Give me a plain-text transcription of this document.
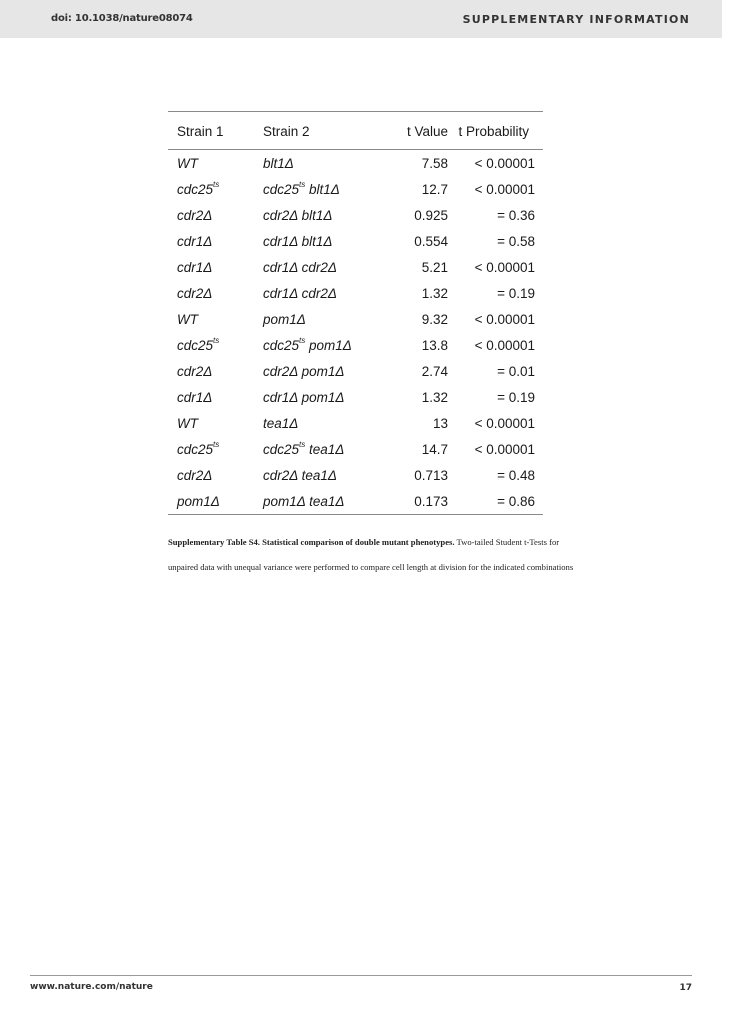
doi: 10.1038/nature08074	SUPPLEMENTARY INFORMATION
Strain 1	Strain 2	t Value	t Probability
WT	blt1Δ	7.58	< 0.00001
$cdc25^{ts}$	$cdc25^{ts}$ blt1Δ	12.7	< 0.00001
cdr2Δ	cdr2Δ blt1Δ	0.925	= 0.36
cdr1Δ	cdr1Δ blt1Δ	0.554	= 0.58
cdr1Δ	cdr1Δ cdr2Δ	5.21	< 0.00001
cdr2Δ	cdr1Δ cdr2Δ	1.32	= 0.19
WT	pom1Δ	9.32	< 0.00001
$cdc25^{ts}$	$cdc25^{ts}$ pom1Δ	13.8	< 0.00001
cdr2Δ	cdr2Δ pom1Δ	2.74	= 0.01
cdr1Δ	cdr1Δ pom1Δ	1.32	= 0.19
WT	tea1Δ	13	< 0.00001
$cdc25^{ts}$	$cdc25^{ts}$ tea1Δ	14.7	< 0.00001
cdr2Δ	cdr2Δ tea1Δ	0.713	= 0.48
pom1Δ	pom1Δ tea1Δ	0.173	= 0.86
Supplementary Table S4. Statistical comparison of double mutant phenotypes. Two-tailed Student t-Tests for unpaired data with unequal variance were performed to compare cell length at division for the indicated combinations
www.nature.com/nature	17
